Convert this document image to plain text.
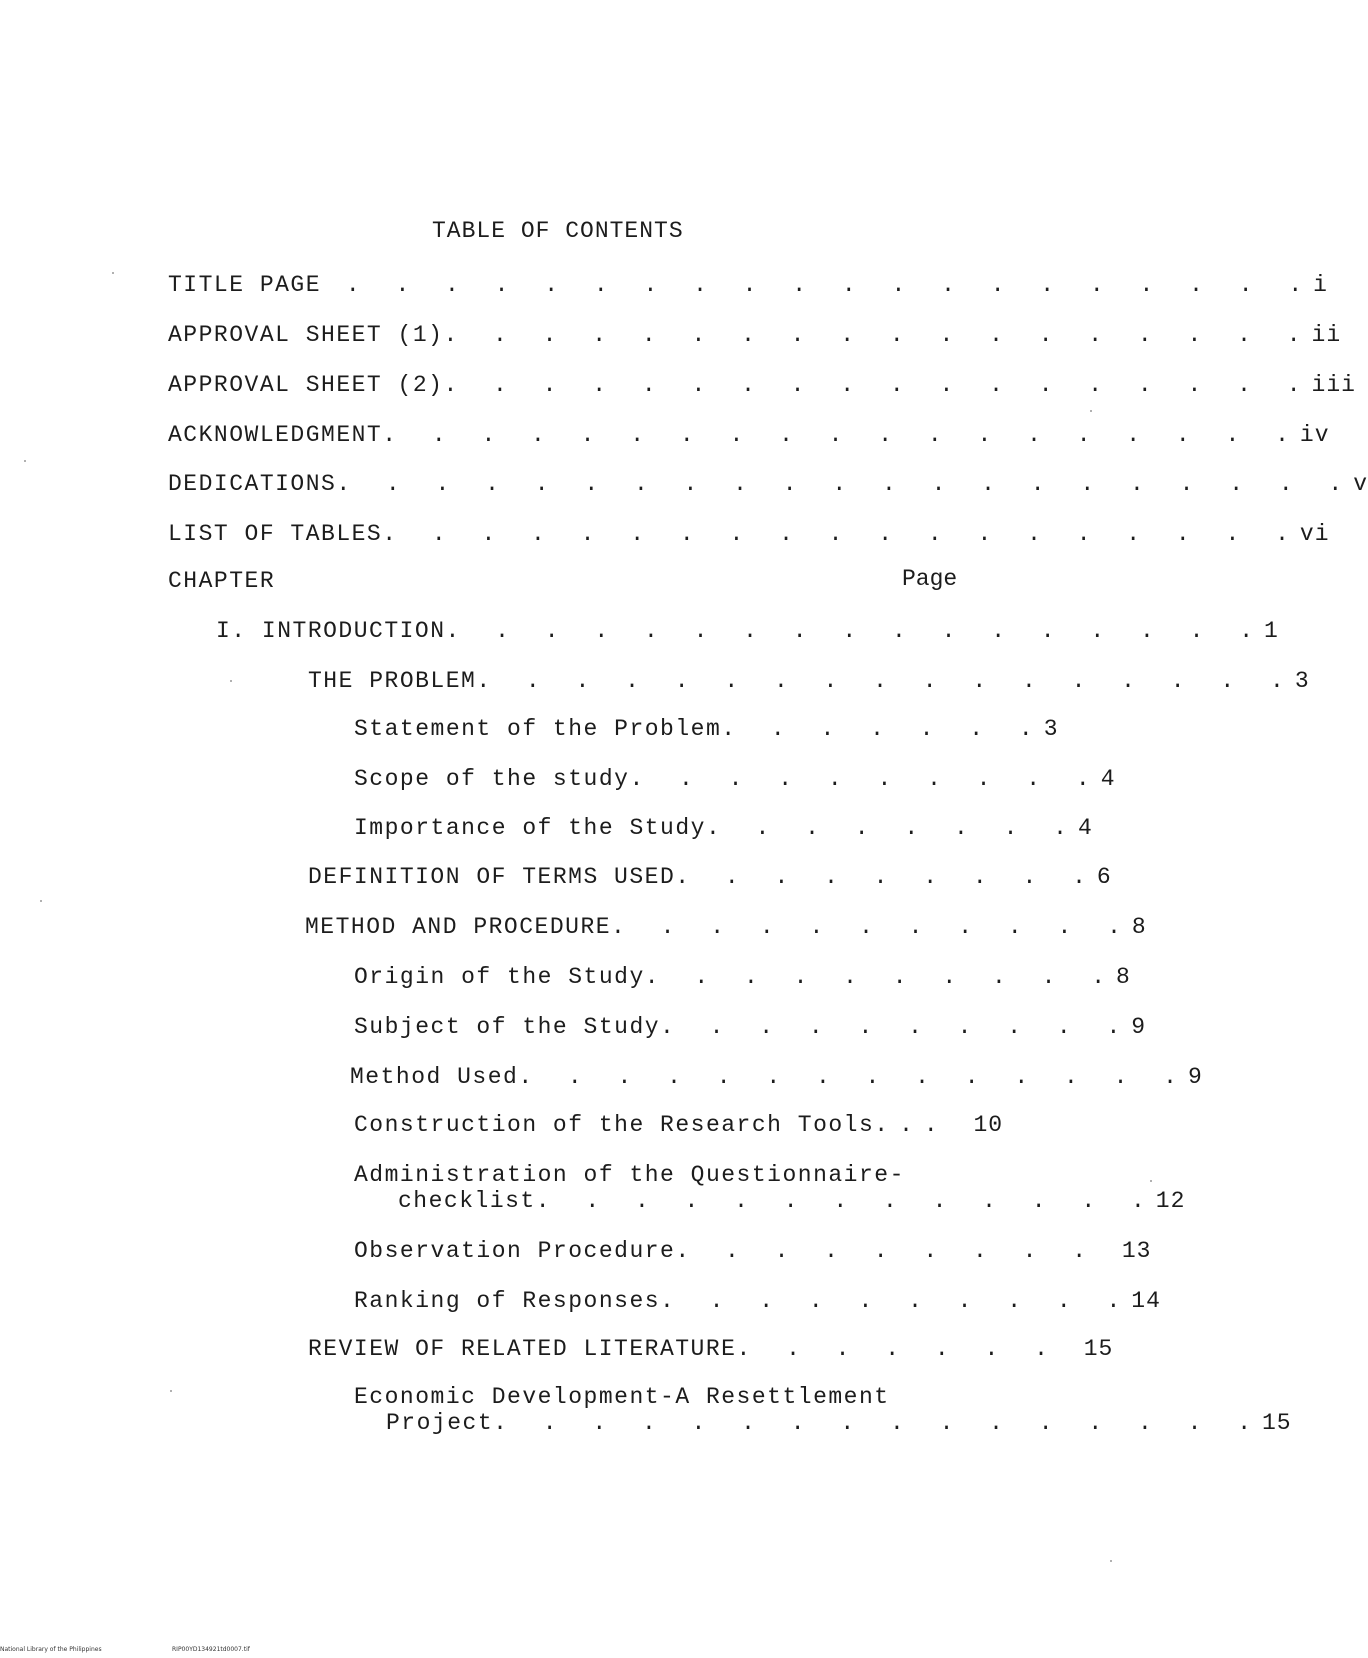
TABLE OF CONTENTS
TITLE PAGE . . . . . . . . . . . . . . . . . . . .i
APPROVAL SHEET (1). . . . . . . . . . . . . . . . . .ii
APPROVAL SHEET (2). . . . . . . . . . . . . . . . . .iii
ACKNOWLEDGMENT. . . . . . . . . . . . . . . . . . .iv
DEDICATIONS. . . . . . . . . . . . . . . . . . . . .v
LIST OF TABLES. . . . . . . . . . . . . . . . . . .vi
CHAPTER	Page
I. INTRODUCTION. . . . . . . . . . . . . . . . .1
THE PROBLEM. . . . . . . . . . . . . . . . .3
Statement of the Problem. . . . . . .3
Scope of the study. . . . . . . . . .4
Importance of the Study. . . . . . . .4
DEFINITION OF TERMS USED. . . . . . . . .6
METHOD AND PROCEDURE. . . . . . . . . . .8
Origin of the Study. . . . . . . . . .8
Subject of the Study. . . . . . . . . .9
Method Used. . . . . . . . . . . . . .9
Construction of the Research Tools... 10
Administration of the Questionnaire-
checklist. . . . . . . . . . . . .12
Observation Procedure. . . . . . . . . 13
Ranking of Responses. . . . . . . . . .14
REVIEW OF RELATED LITERATURE. . . . . . . 15
Economic Development-A Resettlement
Project. . . . . . . . . . . . . . . .15
National Library of the Philippines	RIP00YD134921td0007.tif
